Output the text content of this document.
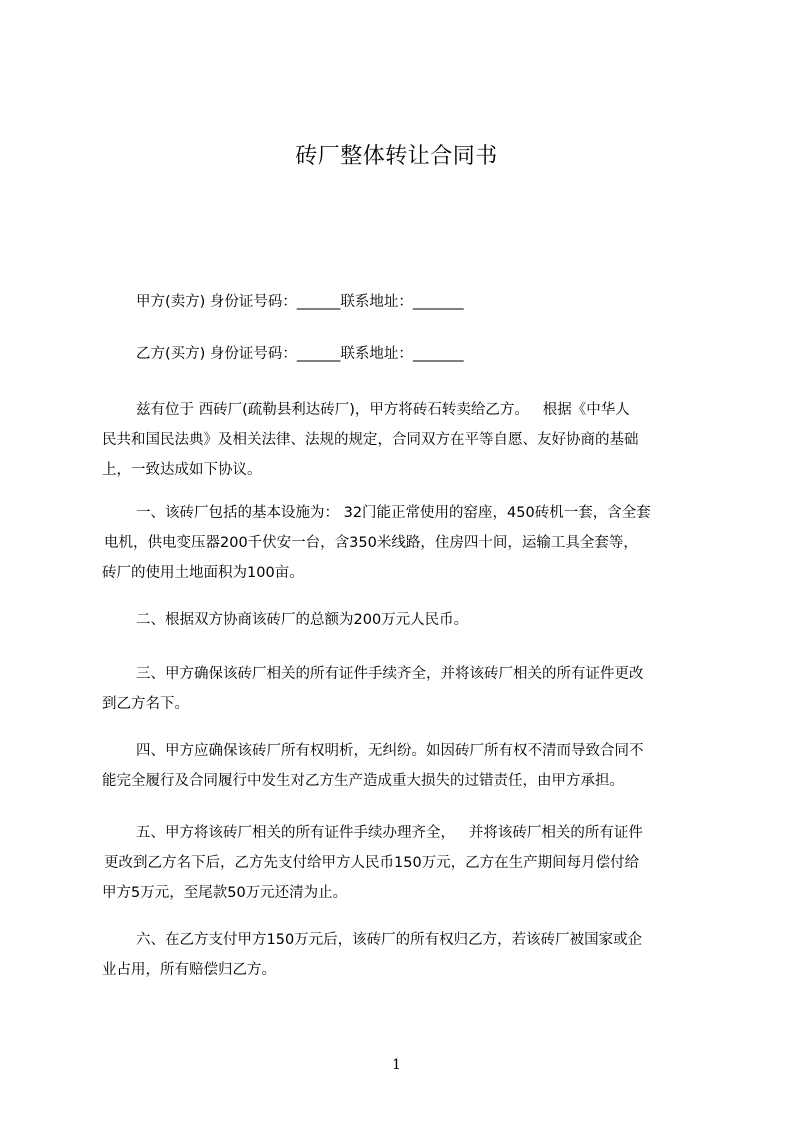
砖厂整体转让合同书
甲方(卖方) 身份证号码：______联系地址：_______
乙方(买方) 身份证号码：______联系地址：_______
兹有位于 西砖厂(疏勒县利达砖厂)，甲方将砖石转卖给乙方。   根据《中华人
民共和国民法典》及相关法律、法规的规定，合同双方在平等自愿、友好协商的基础
上，一致达成如下协议。
一、该砖厂包括的基本设施为： 32门能正常使用的窑座，450砖机一套，含全套
电机，供电变压器200千伏安一台，含350米线路，住房四十间，运输工具全套等，
砖厂的使用土地面积为100亩。
二、根据双方协商该砖厂的总额为200万元人民币。
三、甲方确保该砖厂相关的所有证件手续齐全，并将该砖厂相关的所有证件更改
到乙方名下。
四、甲方应确保该砖厂所有权明析，无纠纷。如因砖厂所有权不清而导致合同不
能完全履行及合同履行中发生对乙方生产造成重大损失的过错责任，由甲方承担。
五、甲方将该砖厂相关的所有证件手续办理齐全，   并将该砖厂相关的所有证件
更改到乙方名下后，乙方先支付给甲方人民币150万元，乙方在生产期间每月偿付给
甲方5万元，至尾款50万元还清为止。
六、在乙方支付甲方150万元后，该砖厂的所有权归乙方，若该砖厂被国家或企
业占用，所有赔偿归乙方。
1
